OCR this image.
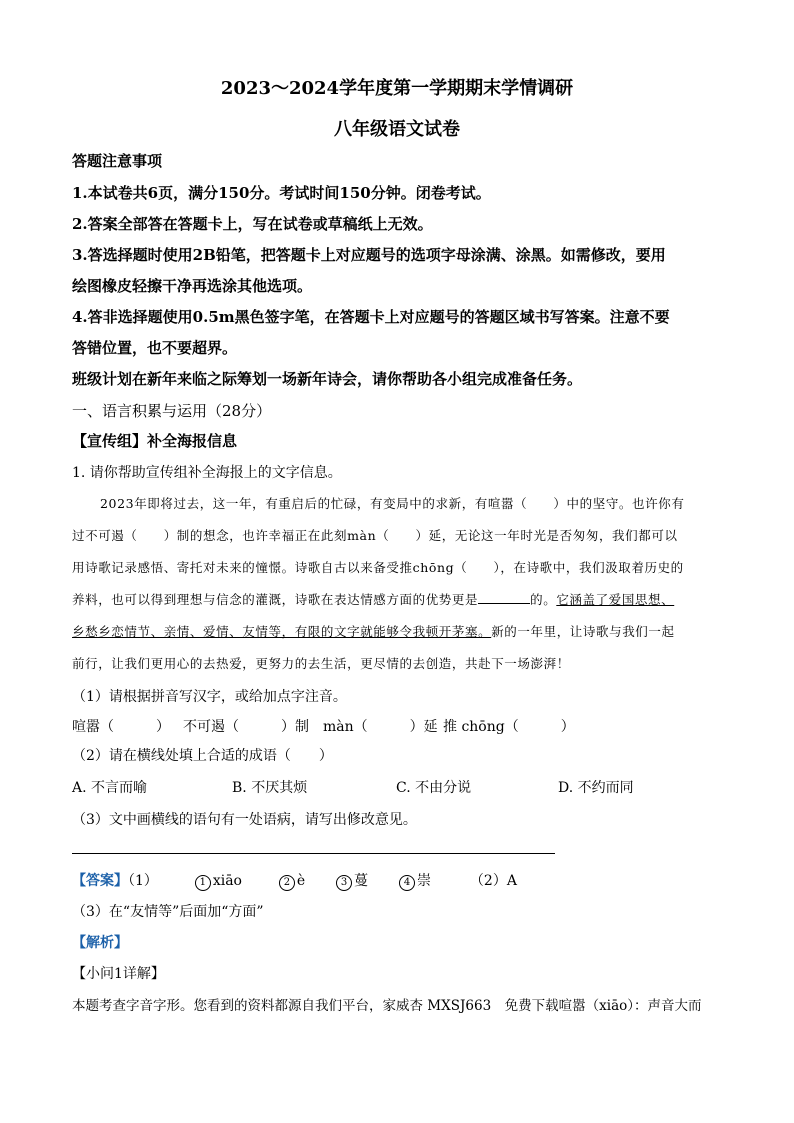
2023～2024学年度第一学期期末学情调研
八年级语文试卷
答题注意事项
1.本试卷共6页，满分150分。考试时间150分钟。闭卷考试。
2.答案全部答在答题卡上，写在试卷或草稿纸上无效。
3.答选择题时使用2B铅笔，把答题卡上对应题号的选项字母涂满、涂黑。如需修改，要用
绘图橡皮轻擦干净再选涂其他选项。
4.答非选择题使用0.5m黑色签字笔，在答题卡上对应题号的答题区域书写答案。注意不要
答错位置，也不要超界。
班级计划在新年来临之际筹划一场新年诗会，请你帮助各小组完成准备任务。
一、语言积累与运用（28分）
【宣传组】补全海报信息
1. 请你帮助宣传组补全海报上的文字信息。
2023年即将过去，这一年，有重启后的忙碌，有变局中的求新，有喧嚣（　　）中的坚守。也许你有
过不可遏（　　）制的想念，也许幸福正在此刻màn（　　）延，无论这一年时光是否匆匆，我们都可以
用诗歌记录感悟、寄托对未来的憧憬。诗歌自古以来备受推chōng（　　），在诗歌中，我们汲取着历史的
养料，也可以得到理想与信念的灌溉，诗歌在表达情感方面的优势更是	的。它涵盖了爱国思想、
乡愁乡恋情节、亲情、爱情、友情等，有限的文字就能够令我顿开茅塞。新的一年里，让诗歌与我们一起
前行，让我们更用心的去热爱，更努力的去生活，更尽情的去创造，共赴下一场澎湃！
（1）请根据拼音写汉字，或给加点字注音。
喧嚣（　　　） 不可遏（　　　）制 màn（　　　）延 推 chōng（　　　）
（2）请在横线处填上合适的成语（　　）
A. 不言而喻	B. 不厌其烦	C. 不由分说	D. 不约而同
（3）文中画横线的语句有一处语病，请写出修改意见。
【答案】（1）	1 xiāo	2 è	3 蔓	4 崇	（2）A
（3）在“友情等”后面加“方面”
【解析】
【小问1详解】
本题考查字音字形。您看到的资料都源自我们平台，家威杏 MXSJ663　免费下载喧嚣（xiāo）：声音大而
